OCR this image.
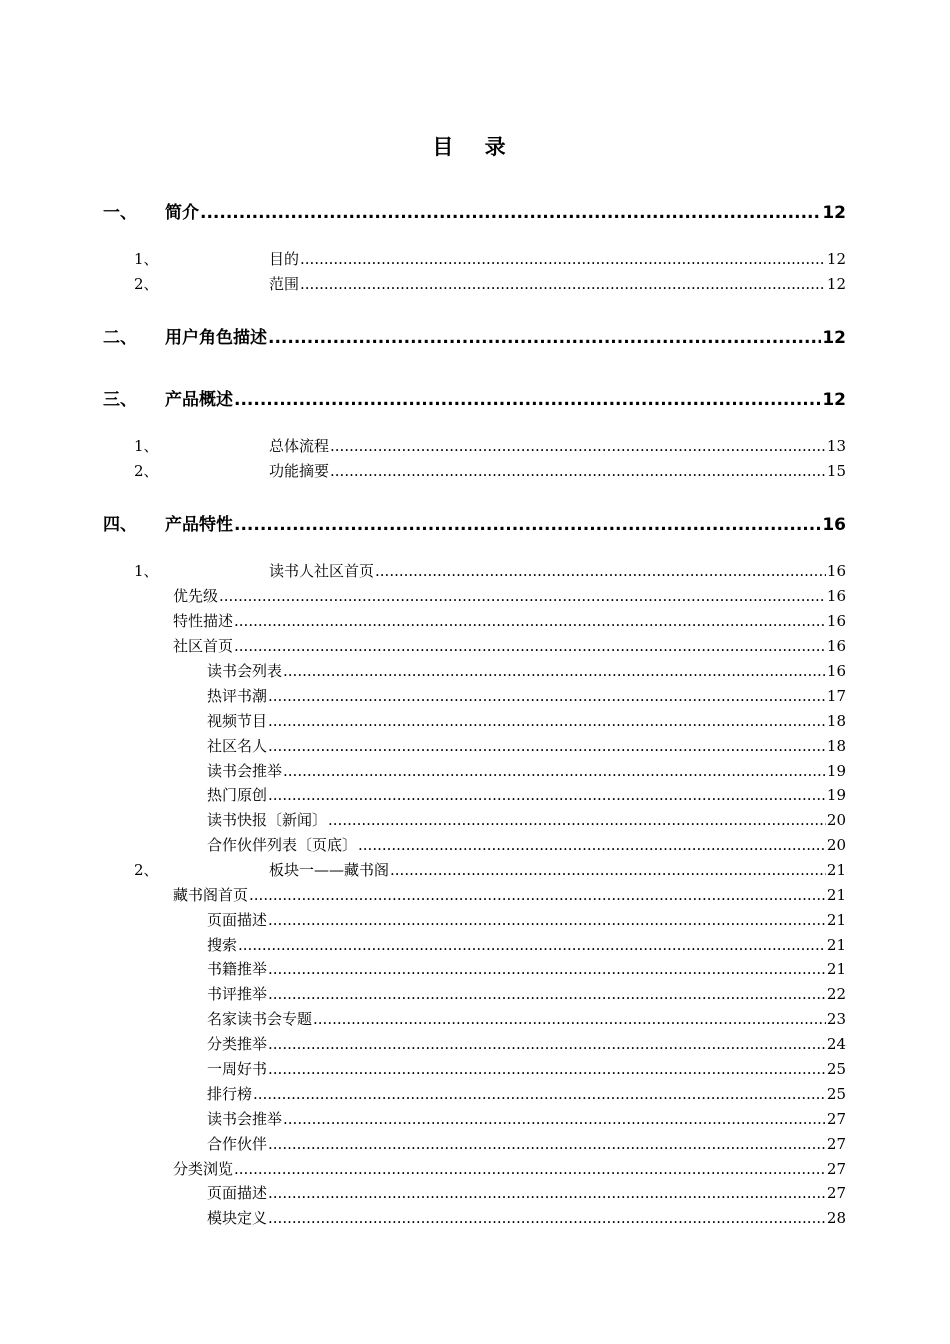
目 录
一、 简介 .....	12
1、	目的 .....	12
2、	范围 .....	12
二、 用户角色描述 .....	12
三、 产品概述 .....	12
1、	总体流程 .....	13
2、	功能摘要 .....	15
四、 产品特性 .....	16
1、	读书人社区首页 .....	16
优先级 .....	16
特性描述 .....	16
社区首页 .....	16
读书会列表 .....	16
热评书潮 .....	17
视频节目 .....	18
社区名人 .....	18
读书会推举 .....	19
热门原创 .....	19
读书快报〔新闻〕 .....	20
合作伙伴列表〔页底〕 .....	20
2、	板块一——藏书阁 .....	21
藏书阁首页 .....	21
页面描述 .....	21
搜索 .....	21
书籍推举 .....	21
书评推举 .....	22
名家读书会专题 .....	23
分类推举 .....	24
一周好书 .....	25
排行榜 .....	25
读书会推举 .....	27
合作伙伴 .....	27
分类浏览 .....	27
页面描述 .....	27
模块定义 .....	28
